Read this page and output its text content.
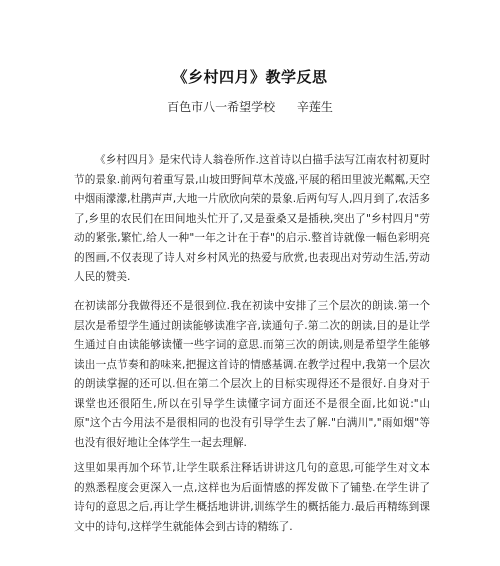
《乡村四月》教学反思
百色市八一希望学校 辛莲生

《乡村四月》是宋代诗人翁卷所作.这首诗以白描手法写江南农村初夏时节的景象.前两句着重写景,山坡田野间草木茂盛,平展的稻田里波光粼粼,天空中烟雨濛濛,杜鹃声声,大地一片欣欣向荣的景象.后两句写人,四月到了,农活多了,乡里的农民们在田间地头忙开了,又是蚕桑又是插秧,突出了"乡村四月"劳动的紧张,繁忙,给人一种"一年之计在于春"的启示.整首诗就像一幅色彩明亮的图画,不仅表现了诗人对乡村风光的热爱与欣赏,也表现出对劳动生活,劳动人民的赞美.

在初读部分我做得还不是很到位.我在初读中安排了三个层次的朗读.第一个层次是希望学生通过朗读能够读准字音,读通句子.第二次的朗读,目的是让学生通过自由读能够读懂一些字词的意思.而第三次的朗读,则是希望学生能够读出一点节奏和韵味来,把握这首诗的情感基调.在教学过程中,我第一个层次的朗读掌握的还可以.但在第二个层次上的目标实现得还不是很好.自身对于课堂也还很陌生,所以在引导学生读懂字词方面还不是很全面,比如说:"山原"这个古今用法不是很相同的也没有引导学生去了解."白满川","雨如烟"等也没有很好地让全体学生一起去理解.

这里如果再加个环节,让学生联系注释话讲讲这几句的意思,可能学生对文本的熟悉程度会更深入一点,这样也为后面情感的挥发做下了铺垫.在学生讲了诗句的意思之后,再让学生概括地讲讲,训练学生的概括能力.最后再精练到课文中的诗句,这样学生就能体会到古诗的精练了.
